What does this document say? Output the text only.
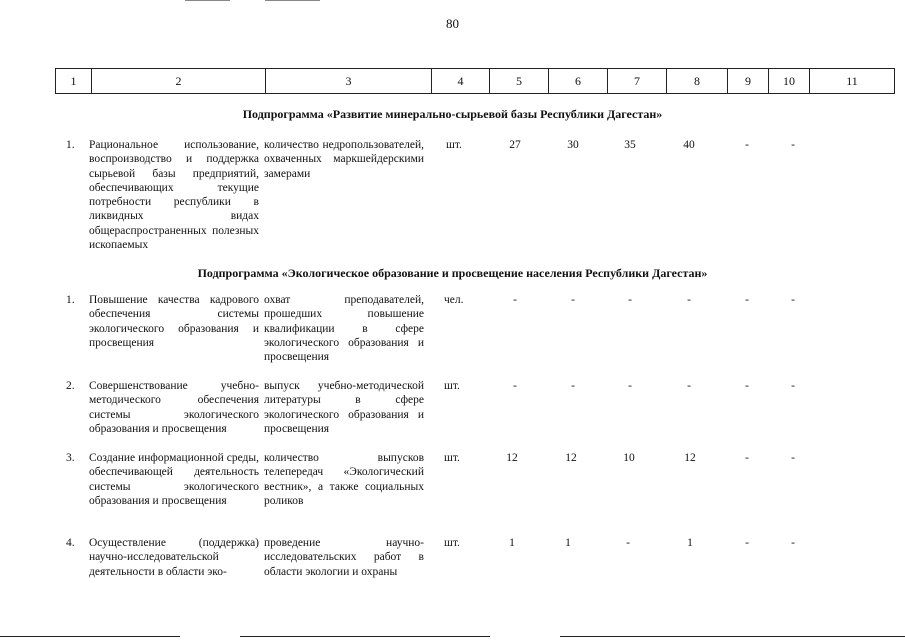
80
1	2	3	4	5	6	7	8	9	10	11
Подпрограмма «Развитие минерально-сырьевой базы Республики Дагестан»
1. Рациональное использование, воспроизводство и поддержка сырьевой базы предприятий, обеспечивающих текущие потребности республики в ликвидных видах общераспространенных полезных ископаемых
количество недропользователей, охваченных маркшейдерскими замерами
шт.	27	30	35	40	-	-
Подпрограмма «Экологическое образование и просвещение населения Республики Дагестан»
1. Повышение качества кадрового обеспечения системы экологического образования и просвещения
охват преподавателей, прошедших повышение квалификации в сфере экологического образования и просвещения
чел.	-	-	-	-	-	-
2. Совершенствование учебно-методического обеспечения системы экологического образования и просвещения
выпуск учебно-методической литературы в сфере экологического образования и просвещения
шт.	-	-	-	-	-	-
3. Создание информационной среды, обеспечивающей деятельность системы экологического образования и просвещения
количество выпусков телепередач «Экологический вестник», а также социальных роликов
шт.	12	12	10	12	-	-
4. Осуществление (поддержка) научно-исследовательской деятельности в области эко-
проведение научно-исследовательских работ в области экологии и охраны
шт.	1	1	-	1	-	-
